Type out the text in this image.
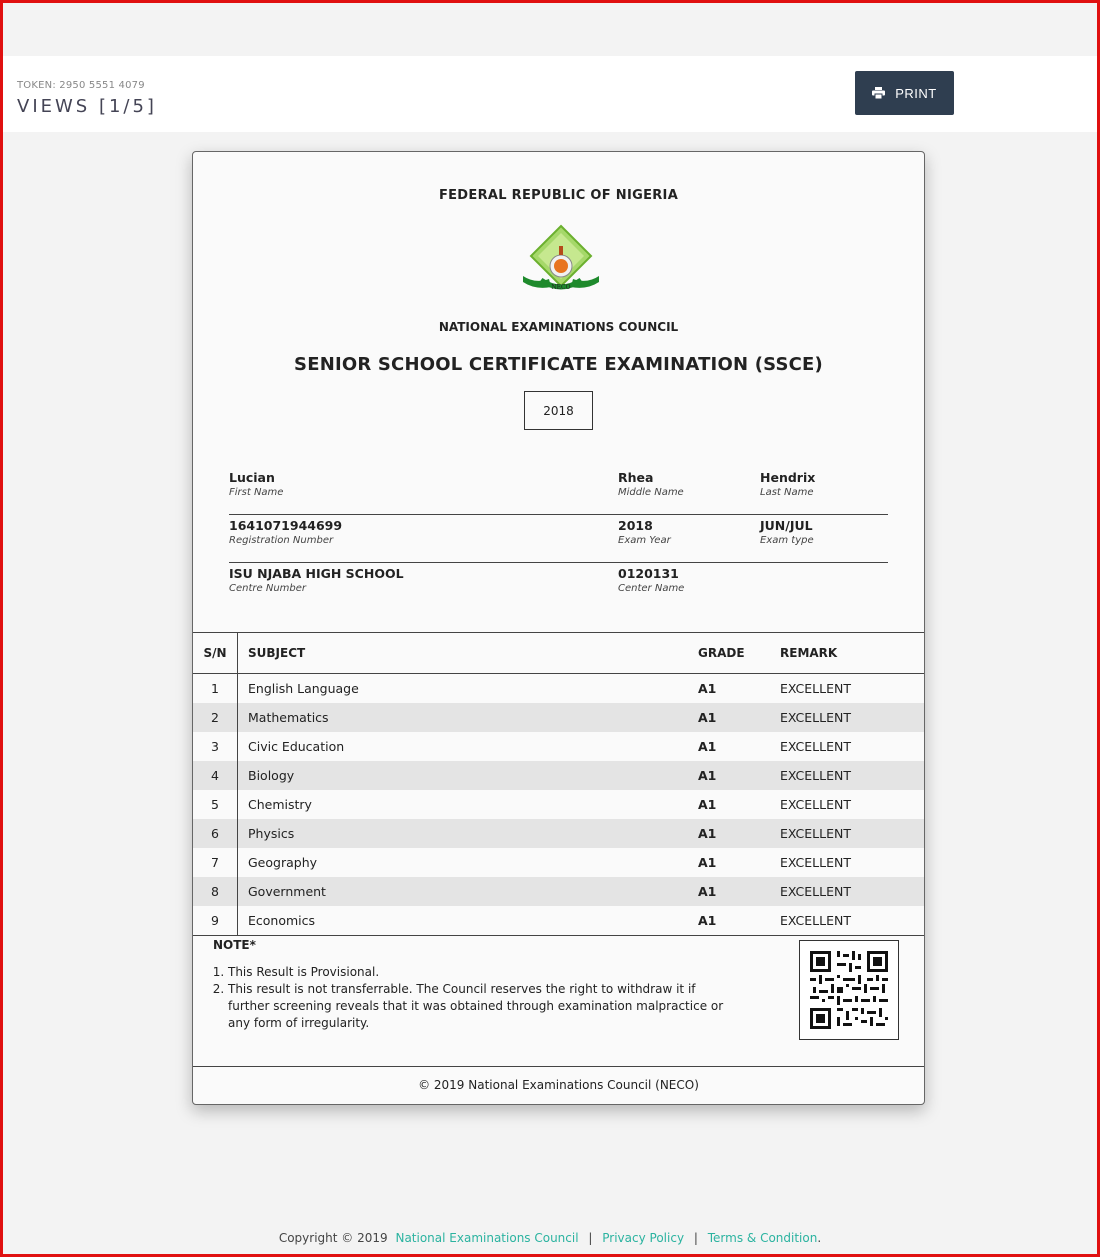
TOKEN: 2950 5551 4079
VIEWS [1/5]
PRINT
FEDERAL REPUBLIC OF NIGERIA
NECO
NATIONAL EXAMINATIONS COUNCIL
SENIOR SCHOOL CERTIFICATE EXAMINATION (SSCE)
2018
Lucian
First Name
Rhea
Middle Name
Hendrix
Last Name
1641071944699
Registration Number
2018
Exam Year
JUN/JUL
Exam type
ISU NJABA HIGH SCHOOL
Centre Number
0120131
Center Name
S/N	SUBJECT	GRADE	REMARK
1	English Language	A1	EXCELLENT
2	Mathematics	A1	EXCELLENT
3	Civic Education	A1	EXCELLENT
4	Biology	A1	EXCELLENT
5	Chemistry	A1	EXCELLENT
6	Physics	A1	EXCELLENT
7	Geography	A1	EXCELLENT
8	Government	A1	EXCELLENT
9	Economics	A1	EXCELLENT
NOTE*
1. This Result is Provisional.
2. This result is not transferrable. The Council reserves the right to withdraw it if further screening reveals that it was obtained through examination malpractice or any form of irregularity.
© 2019 National Examinations Council (NECO)
Copyright © 2019 National Examinations Council | Privacy Policy | Terms & Condition.
